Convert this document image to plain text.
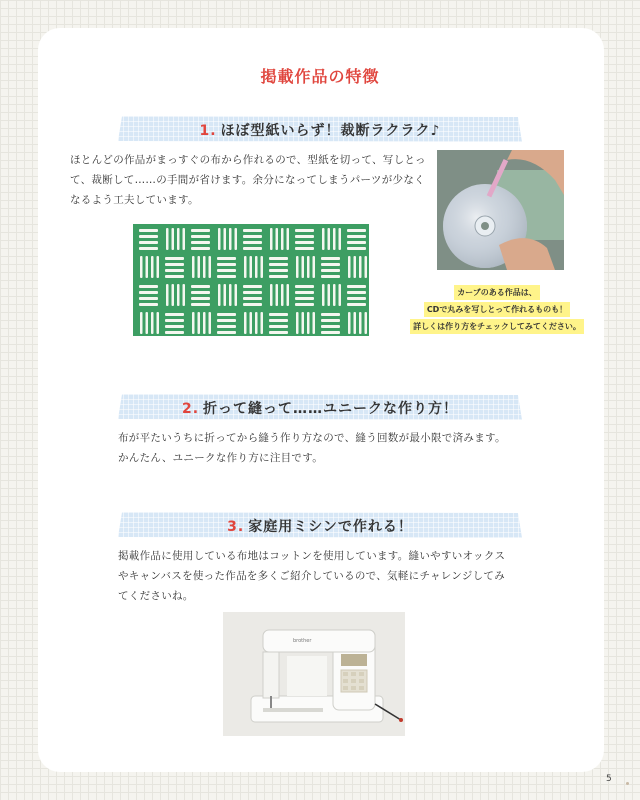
掲載作品の特徴
1. ほぼ型紙いらず！裁断ラクラク♪
ほとんどの作品がまっすぐの布から作れるので、型紙を切って、写しとっ
て、裁断して……の手間が省けます。余分になってしまうパーツが少なく
なるよう工夫しています。
カーブのある作品は、
CDで丸みを写しとって作れるものも！
詳しくは作り方をチェックしてみてください。
2. 折って縫って……ユニークな作り方！
布が平たいうちに折ってから縫う作り方なので、縫う回数が最小限で済みます。
かんたん、ユニークな作り方に注目です。
3. 家庭用ミシンで作れる！
掲載作品に使用している布地はコットンを使用しています。縫いやすいオックス
やキャンバスを使った作品を多くご紹介しているので、気軽にチャレンジしてみ
てくださいね。
brother
5
